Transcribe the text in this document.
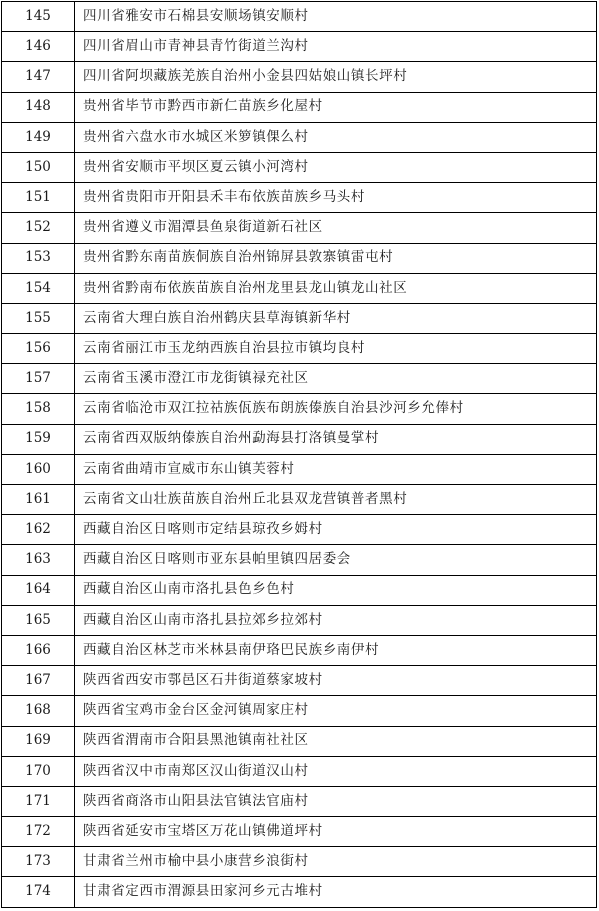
145	四川省雅安市石棉县安顺场镇安顺村
146	四川省眉山市青神县青竹街道兰沟村
147	四川省阿坝藏族羌族自治州小金县四姑娘山镇长坪村
148	贵州省毕节市黔西市新仁苗族乡化屋村
149	贵州省六盘水市水城区米箩镇倮么村
150	贵州省安顺市平坝区夏云镇小河湾村
151	贵州省贵阳市开阳县禾丰布依族苗族乡马头村
152	贵州省遵义市湄潭县鱼泉街道新石社区
153	贵州省黔东南苗族侗族自治州锦屏县敦寨镇雷屯村
154	贵州省黔南布依族苗族自治州龙里县龙山镇龙山社区
155	云南省大理白族自治州鹤庆县草海镇新华村
156	云南省丽江市玉龙纳西族自治县拉市镇均良村
157	云南省玉溪市澄江市龙街镇禄充社区
158	云南省临沧市双江拉祜族佤族布朗族傣族自治县沙河乡允俸村
159	云南省西双版纳傣族自治州勐海县打洛镇曼掌村
160	云南省曲靖市宣威市东山镇芙蓉村
161	云南省文山壮族苗族自治州丘北县双龙营镇普者黑村
162	西藏自治区日喀则市定结县琼孜乡姆村
163	西藏自治区日喀则市亚东县帕里镇四居委会
164	西藏自治区山南市洛扎县色乡色村
165	西藏自治区山南市洛扎县拉郊乡拉郊村
166	西藏自治区林芝市米林县南伊珞巴民族乡南伊村
167	陕西省西安市鄠邑区石井街道蔡家坡村
168	陕西省宝鸡市金台区金河镇周家庄村
169	陕西省渭南市合阳县黑池镇南社社区
170	陕西省汉中市南郑区汉山街道汉山村
171	陕西省商洛市山阳县法官镇法官庙村
172	陕西省延安市宝塔区万花山镇佛道坪村
173	甘肃省兰州市榆中县小康营乡浪街村
174	甘肃省定西市渭源县田家河乡元古堆村
